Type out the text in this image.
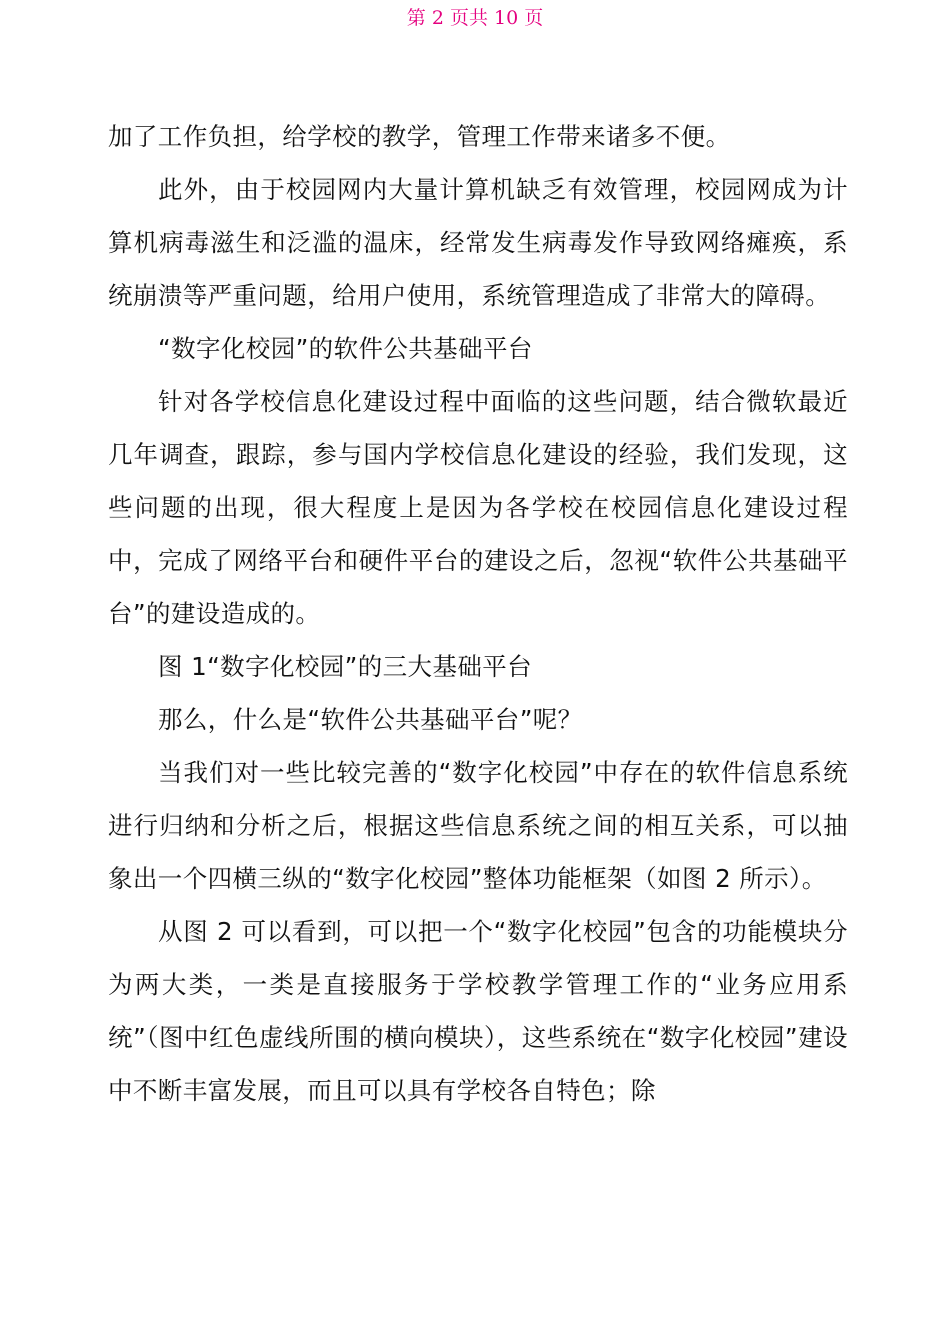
第 2 页共 10 页

加了工作负担，给学校的教学，管理工作带来诸多不便。

此外，由于校园网内大量计算机缺乏有效管理，校园网成为计算机病毒滋生和泛滥的温床，经常发生病毒发作导致网络瘫痪，系统崩溃等严重问题，给用户使用，系统管理造成了非常大的障碍。

“数字化校园”的软件公共基础平台

针对各学校信息化建设过程中面临的这些问题，结合微软最近几年调查，跟踪，参与国内学校信息化建设的经验，我们发现，这些问题的出现，很大程度上是因为各学校在校园信息化建设过程中，完成了网络平台和硬件平台的建设之后，忽视“软件公共基础平台”的建设造成的。

图 1“数字化校园”的三大基础平台

那么，什么是“软件公共基础平台”呢？

当我们对一些比较完善的“数字化校园”中存在的软件信息系统进行归纳和分析之后，根据这些信息系统之间的相互关系，可以抽象出一个四横三纵的“数字化校园”整体功能框架（如图 2 所示）。

从图 2 可以看到，可以把一个“数字化校园”包含的功能模块分为两大类，一类是直接服务于学校教学管理工作的“业务应用系统”（图中红色虚线所围的横向模块），这些系统在“数字化校园”建设中不断丰富发展，而且可以具有学校各自特色；除
